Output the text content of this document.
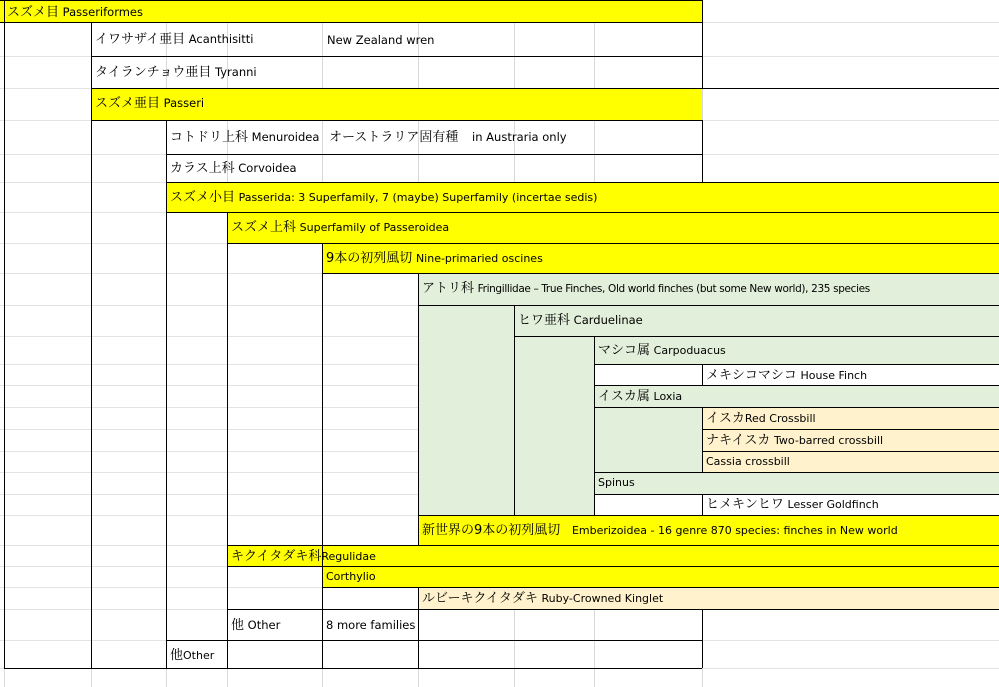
スズメ目 Passeriformes
イワサザイ亜目 Acanthisitti	New Zealand wren
タイランチョウ亜目 Tyranni
スズメ亜目 Passeri
コトドリ上科 Menuroidea オーストラリア固有種 in Austraria only
カラス上科 Corvoidea
スズメ小目 Passerida: 3 Superfamily, 7 (maybe) Superfamily (incertae sedis)
スズメ上科 Superfamily of Passeroidea
9本の初列風切 Nine-primaried oscines
アトリ科 Fringillidae – True Finches, Old world finches (but some New world), 235 species
ヒワ亜科 Carduelinae
マシコ属 Carpoduacus
メキシコマシコ House Finch
イスカ属 Loxia
イスカRed Crossbill
ナキイスカ Two-barred crossbill
Cassia crossbill
Spinus
ヒメキンヒワ Lesser Goldfinch
新世界の9本の初列風切 Emberizoidea - 16 genre 870 species: finches in New world
キクイタダキ科Regulidae
Corthylio
ルビーキクイタダキ Ruby-Crowned Kinglet
他 Other	8 more families
他Other
